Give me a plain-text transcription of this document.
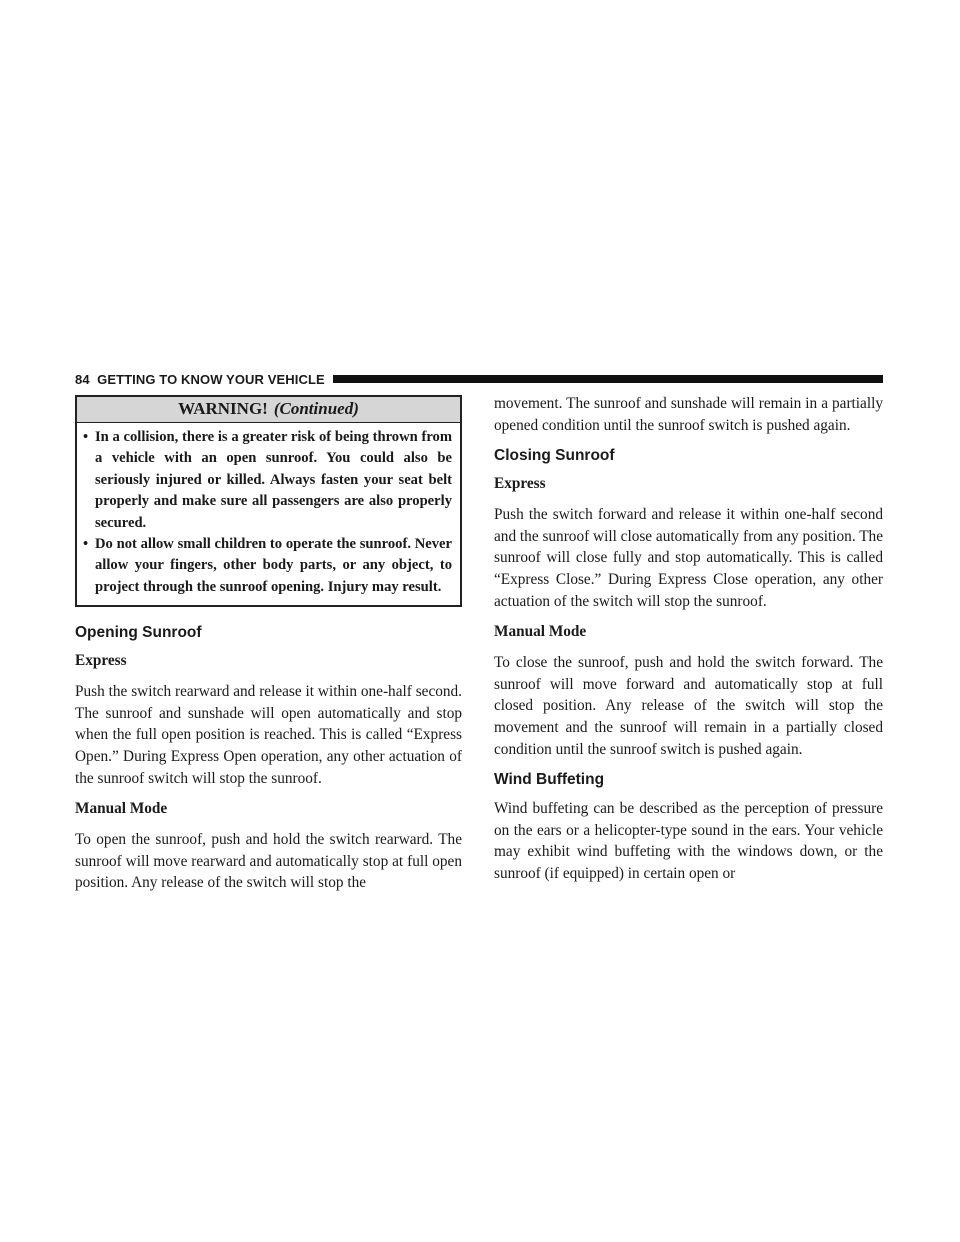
84 GETTING TO KNOW YOUR VEHICLE
WARNING! (Continued)
• In a collision, there is a greater risk of being thrown from a vehicle with an open sunroof. You could also be seriously injured or killed. Always fasten your seat belt properly and make sure all passengers are also properly secured.
• Do not allow small children to operate the sunroof. Never allow your fingers, other body parts, or any object, to project through the sunroof opening. Injury may result.
Opening Sunroof
Express

Push the switch rearward and release it within one-half second. The sunroof and sunshade will open automatically and stop when the full open position is reached. This is called “Express Open.” During Express Open operation, any other actuation of the sunroof switch will stop the sunroof.

Manual Mode

To open the sunroof, push and hold the switch rearward. The sunroof will move rearward and automatically stop at full open position. Any release of the switch will stop the

movement. The sunroof and sunshade will remain in a partially opened condition until the sunroof switch is pushed again.

Closing Sunroof
Express

Push the switch forward and release it within one-half second and the sunroof will close automatically from any position. The sunroof will close fully and stop automatically. This is called “Express Close.” During Express Close operation, any other actuation of the switch will stop the sunroof.

Manual Mode

To close the sunroof, push and hold the switch forward. The sunroof will move forward and automatically stop at full closed position. Any release of the switch will stop the movement and the sunroof will remain in a partially closed condition until the sunroof switch is pushed again.

Wind Buffeting

Wind buffeting can be described as the perception of pressure on the ears or a helicopter-type sound in the ears. Your vehicle may exhibit wind buffeting with the windows down, or the sunroof (if equipped) in certain open or
